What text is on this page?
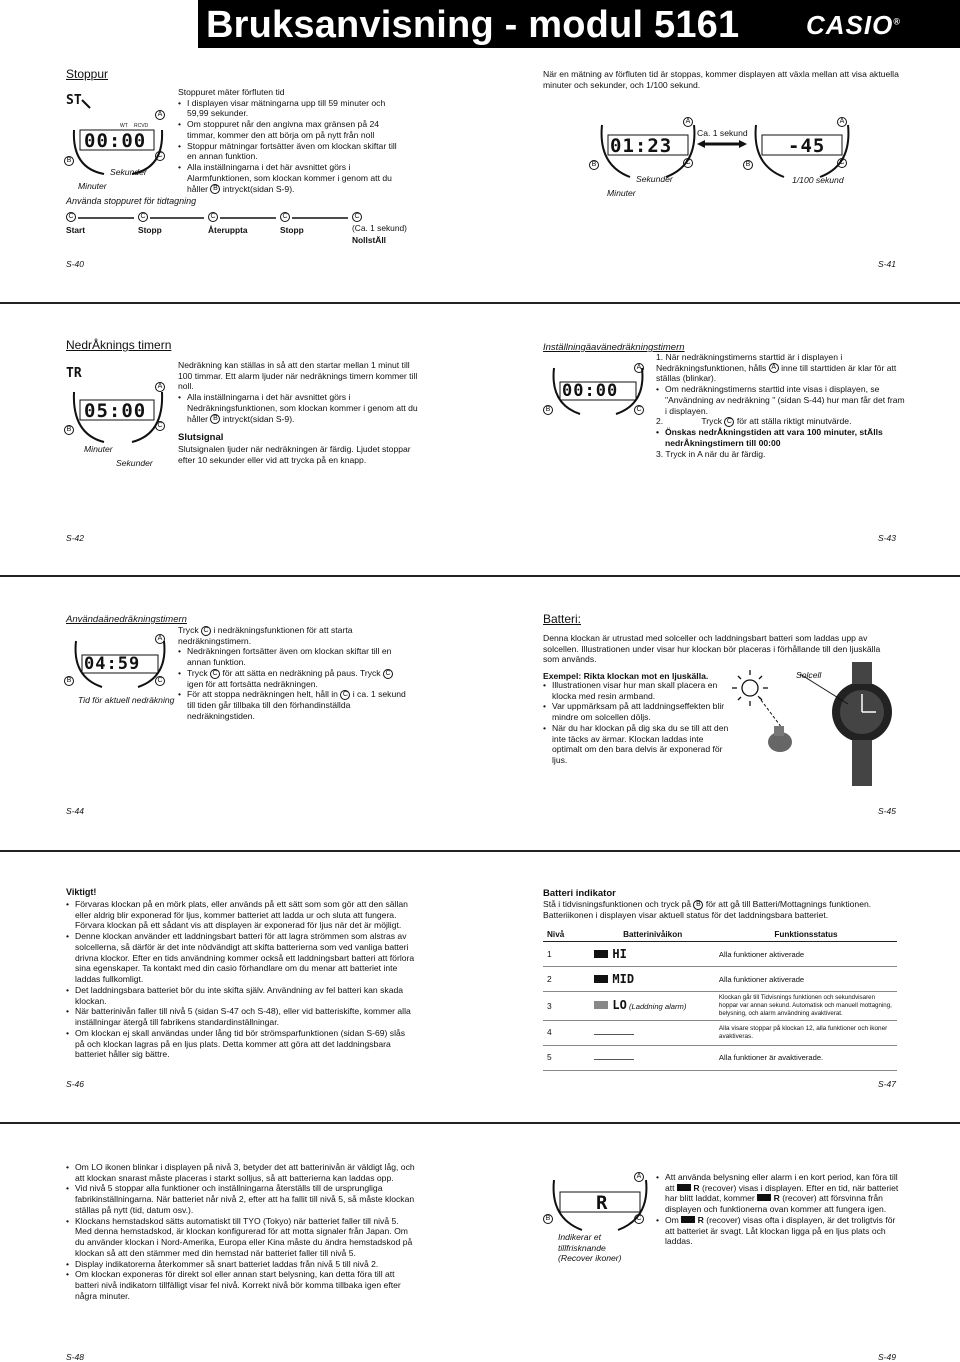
Bruksanvisning - modul 5161	CASIO®
Stoppur
ST
00:00
WT RCVD
A
B
C
Sekunder
Minuter

Stoppuret mäter förfluten tid

• I displayen visar mätningarna upp till 59 minuter och 59,99 sekunder.
• Om stoppuret når den angivna max gränsen på 24 timmar, kommer den att börja om på nytt från noll
• Stoppur mätningar fortsätter även om klockan skiftar till en annan funktion.
• Alla inställningarna i det här avsnittet görs i Alarmfunktionen, som klockan kommer i genom att du håller B intryckt(sidan S-9).
Använda stoppuret för tidtagning
C	C	C	C	C
Start	Stopp	Återuppta	Stopp	(Ca. 1 sekund)
NollstÄll
S-40
När en mätning av förfluten tid är stoppas, kommer displayen att växla mellan att visa aktuella minuter och sekunder, och 1/100 sekund.
01:23
A
B	C
Ca. 1 sekund
Sekunder
Minuter
-45
A
B	C
1/100 sekund
S-41
NedrÅknings timern
TR
05:00
A
B
C
Minuter
Sekunder

Nedräkning kan ställas in så att den startar mellan 1 minut till 100 timmar. Ett alarm ljuder när nedräknings timern kommer till noll.

• Alla inställningarna i det här avsnittet görs i Nedräkningsfunktionen, som klockan kommer i genom att du håller B intryckt(sidan S-9).

Slutsignal

Slutsignalen ljuder när nedräkningen är färdig. Ljudet stoppar efter 10 sekunder eller vid att trycka på en knapp.

S-42
Inställningäavänedräkningstimern
00:00
A
B	C

1. När nedräkningstimerns starttid är i displayen i Nedräkningsfunktionen, hålls A inne till starttiden är klar för att ställas (blinkar).

• Om nedräkningstimerns starttid inte visas i displayen, se "Användning av nedräkning " (sidan S-44) hur man får det fram i displayen.

2.	Tryck C för att ställa riktigt minutvärde.

• Önskas nedrÅkningstiden att vara 100 minuter, stÄlls nedrÅkningstimern till 00:00

3. Tryck in A när du är färdig.

S-43
Användaänedräkningstimern
04:59
A
B	C
Tid för aktuell nedräkning

Tryck C i nedräkningsfunktionen för att starta nedräkningstimern.

• Nedräkningen fortsätter även om klockan skiftar till en annan funktion.
• Tryck C för att sätta en nedräkning på paus. Tryck C igen för att fortsätta nedräkningen.
• För att stoppa nedräkningen helt, håll in C i ca. 1 sekund till tiden går tillbaka till den förhandinställda nedräkningstiden.
S-44
Batteri:

Denna klockan är utrustad med solceller och laddningsbart batteri som laddas upp av solcellen. Illustrationen under visar hur klockan bör placeras i förhållande till den ljuskälla som används.

Exempel: Rikta klockan mot en ljuskälla.

• Illustrationen visar hur man skall placera en klocka med resin armband.
• Var uppmärksam på att laddningseffekten blir mindre om solcellen döljs.
• När du har klockan på dig ska du se till att den inte täcks av ärmar. Klockan laddas inte optimalt om den bara delvis är exponerad för ljus.
Solcell
S-45
Viktigt!
• Förvaras klockan på en mörk plats, eller används på ett sätt som som gör att den sällan eller aldrig blir exponerad för ljus, kommer batteriet att ladda ur och sluta att fungera. Förvara klockan på ett sådant vis att displayen är exponerad för ljus när det är möjligt.
• Denne klockan använder ett laddningsbart batteri för att lagra strömmen som alstras av solcellerna, så därför är det inte nödvändigt att skifta batterierna som ved vanliga batteri drivna klockor. Efter en tids användning kommer också ett laddningsbart batteri att förlora sina egenskaper. Ta kontakt med din casio förhandlare om du menar att batteriet inte laddas fullkomligt.
• Det laddningsbara batteriet bör du inte skifta själv. Användning av fel batteri kan skada klockan.
• När batterinivån faller till nivå 5 (sidan S-47 och S-48), eller vid batteriskifte, kommer alla inställningar ätergå till fabrikens standardinställningar.
• Om klockan ej skall användas under lång tid bör strömsparfunktionen (sidan S-69) slås på och klockan lagras på en ljus plats. Detta kommer att göra att det laddningsbara batteriet håller sig bättre.
S-46
Batteri indikator
Stå i tidvisningsfunktionen och tryck på B för att gå till Batteri/Mottagnings funktionen. Batteriikonen i displayen visar aktuell status för det laddningsbara batteriet.
Nivå	Batterinivåikon	Funktionsstatus
1	HI	Alla funktioner aktiverade
2	MID	Alla funktioner aktiverade
3	LO (Laddning alarm)	Klockan går till Tidvisnings funktionen och sekundvisaren hoppar var annan sekund. Automatisk och manuell mottagning, belysning, och alarm användning avaktiverat.
4		Alla visare stoppar på klockan 12, alla funktioner och ikoner avaktiveras.
5		Alla funktioner är avaktiverade.
S-47
• Om LO ikonen blinkar i displayen på nivå 3, betyder det att batterinivån är väldigt låg, och att klockan snarast måste placeras i starkt solljus, så att batterierna kan laddas opp.
• Vid nivå 5 stoppar alla funktioner och inställningarna återställs till de ursprungliga fabrikinställningarna. När batteriet når nivå 2, efter att ha fallit till nivå 5, så måste klockan ställas på nytt (tid, datum osv.).
• Klockans hemstadskod sätts automatiskt till TYO (Tokyo) när batteriet faller till nivå 5. Med denna hemstadskod, är klockan konfigurerad för att motta signaler från Japan. Om du använder klockan i Nord-Amerika, Europa eller Kina måste du ändra hemstadskod på klockan så att den stämmer med din hemstad när batteriet faller till nivå 5.
• Display indikatorerna återkommer så snart batteriet laddas från nivå 5 till nivå 2.
• Om klockan exponeras för direkt sol eller annan start belysning, kan detta föra till att batteri nivå indikatorn tillfälligt visar fel nivå. Korrekt nivå bör komma tillbaka igen efter några minuter.
S-48
R
A
B	C
Indikerar et tillfrisknande (Recover ikoner)
• Att använda belysning eller alarm i en kort period, kan föra till att R (recover) visas i displayen. Efter en tid, när batteriet har blitt laddat, kommer R (recover) att försvinna från displayen och funktionerna ovan kommer att fungera igen.
• Om R (recover) visas ofta i displayen, är det troligtvis för att batteriet är svagt. Låt klockan ligga på en ljus plats och laddas.
S-49
